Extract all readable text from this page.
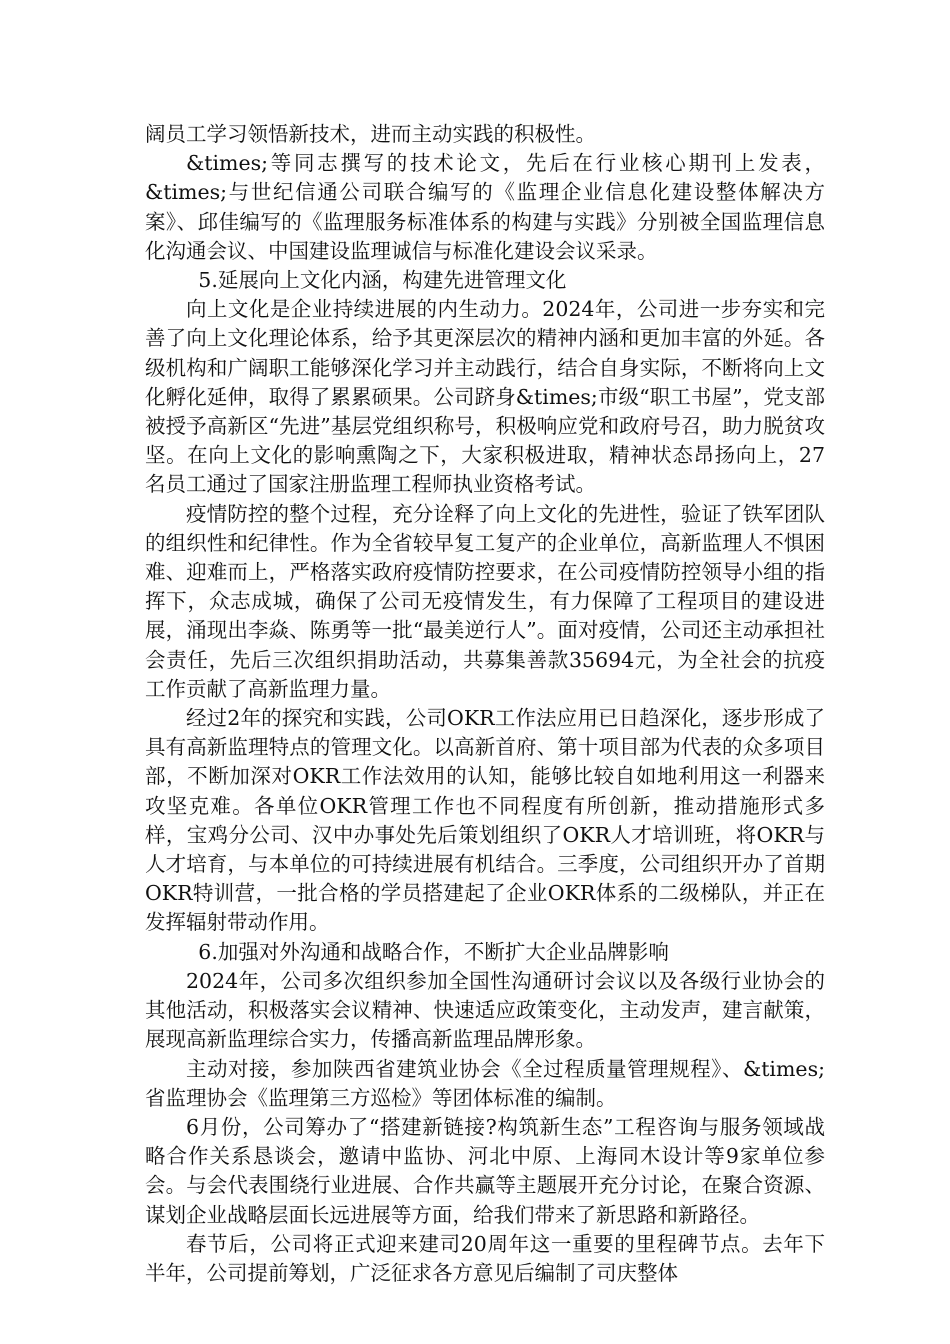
阔员工学习领悟新技术，进而主动实践的积极性。

&times;等同志撰写的技术论文，先后在行业核心期刊上发表，&times;与世纪信通公司联合编写的《监理企业信息化建设整体解决方案》、邱佳编写的《监理服务标准体系的构建与实践》分别被全国监理信息化沟通会议、中国建设监理诚信与标准化建设会议采录。

5.延展向上文化内涵，构建先进管理文化

向上文化是企业持续进展的内生动力。2024年，公司进一步夯实和完善了向上文化理论体系，给予其更深层次的精神内涵和更加丰富的外延。各级机构和广阔职工能够深化学习并主动践行，结合自身实际，不断将向上文化孵化延伸，取得了累累硕果。公司跻身&times;市级“职工书屋”，党支部被授予高新区“先进”基层党组织称号，积极响应党和政府号召，助力脱贫攻坚。在向上文化的影响熏陶之下，大家积极进取，精神状态昂扬向上，27名员工通过了国家注册监理工程师执业资格考试。

疫情防控的整个过程，充分诠释了向上文化的先进性，验证了铁军团队的组织性和纪律性。作为全省较早复工复产的企业单位，高新监理人不惧困难、迎难而上，严格落实政府疫情防控要求，在公司疫情防控领导小组的指挥下，众志成城，确保了公司无疫情发生，有力保障了工程项目的建设进展，涌现出李焱、陈勇等一批“最美逆行人”。面对疫情，公司还主动承担社会责任，先后三次组织捐助活动，共募集善款35694元，为全社会的抗疫工作贡献了高新监理力量。

经过2年的探究和实践，公司OKR工作法应用已日趋深化，逐步形成了具有高新监理特点的管理文化。以高新首府、第十项目部为代表的众多项目部，不断加深对OKR工作法效用的认知，能够比较自如地利用这一利器来攻坚克难。各单位OKR管理工作也不同程度有所创新，推动措施形式多样，宝鸡分公司、汉中办事处先后策划组织了OKR人才培训班，将OKR与人才培育，与本单位的可持续进展有机结合。三季度，公司组织开办了首期OKR特训营，一批合格的学员搭建起了企业OKR体系的二级梯队，并正在发挥辐射带动作用。

6.加强对外沟通和战略合作，不断扩大企业品牌影响

2024年，公司多次组织参加全国性沟通研讨会议以及各级行业协会的其他活动，积极落实会议精神、快速适应政策变化，主动发声，建言献策，展现高新监理综合实力，传播高新监理品牌形象。

主动对接，参加陕西省建筑业协会《全过程质量管理规程》、&times;省监理协会《监理第三方巡检》等团体标准的编制。

6月份，公司筹办了“搭建新链接?构筑新生态”工程咨询与服务领域战略合作关系恳谈会，邀请中监协、河北中原、上海同木设计等9家单位参会。与会代表围绕行业进展、合作共赢等主题展开充分讨论，在聚合资源、谋划企业战略层面长远进展等方面，给我们带来了新思路和新路径。

春节后，公司将正式迎来建司20周年这一重要的里程碑节点。去年下半年，公司提前筹划，广泛征求各方意见后编制了司庆整体
